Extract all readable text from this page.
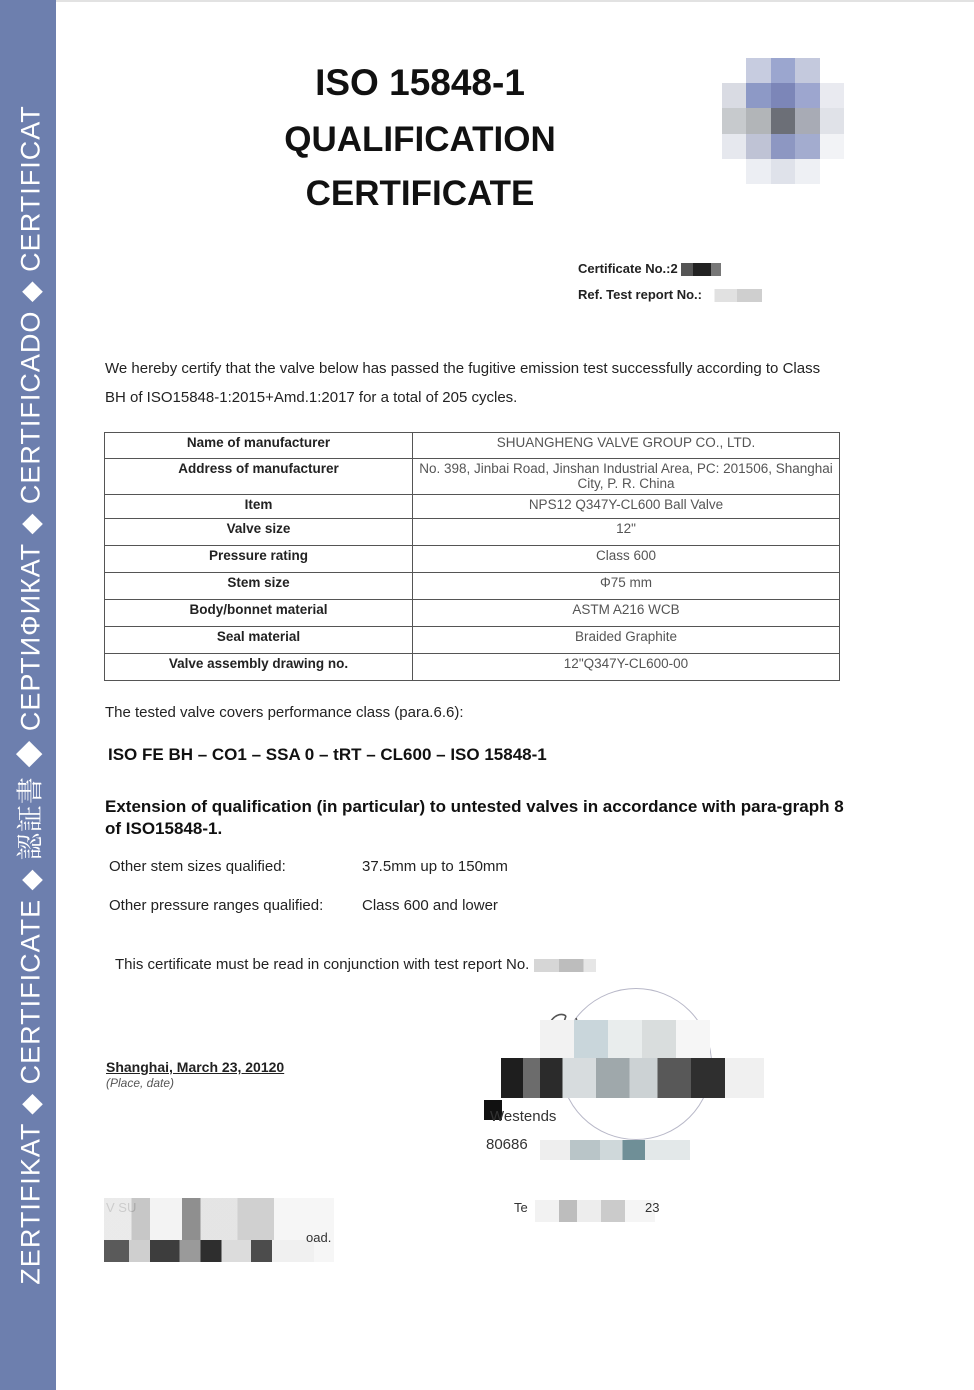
ZERTIFIKAT ◆ CERTIFICATE ◆ 認証書 ◆ СЕРТИФИКАТ ◆ CERTIFICADO ◆ CERTIFICAT
ISO 15848-1
QUALIFICATION
CERTIFICATE
Certificate No.:2
Ref. Test report No.:
We hereby certify that the valve below has passed the fugitive emission test successfully according to Class BH of ISO15848-1:2015+Amd.1:2017 for a total of 205 cycles.
Name of manufacturer	SHUANGHENG VALVE GROUP CO., LTD.
Address of manufacturer	No. 398, Jinbai Road, Jinshan Industrial Area, PC: 201506, Shanghai City, P. R. China
Item	NPS12 Q347Y-CL600 Ball Valve
Valve size	12"
Pressure rating	Class 600
Stem size	Φ75 mm
Body/bonnet material	ASTM A216 WCB
Seal material	Braided Graphite
Valve assembly drawing no.	12"Q347Y-CL600-00
The tested valve covers performance class (para.6.6):
ISO FE BH – CO1 – SSA 0 – tRT – CL600 – ISO 15848-1
Extension of qualification (in particular) to untested valves in accordance with para-graph 8 of ISO15848-1.
Other stem sizes qualified:	37.5mm up to 150mm
Other pressure ranges qualified:	Class 600 and lower
This certificate must be read in conjunction with test report No.
Shanghai, March 23, 20120
(Place, date)
Westends
80686
oad.
Te	23
